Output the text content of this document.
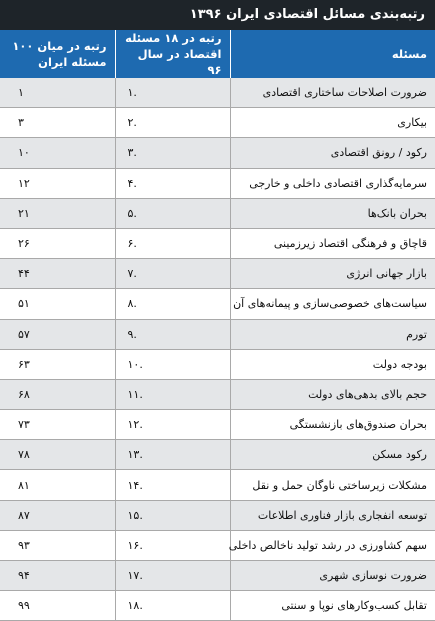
رتبه‌بندی مسائل اقتصادی ایران ۱۳۹۶
مسئله	رتبه در ۱۸ مسئله اقتصاد در سال ۹۶	رتبه در میان ۱۰۰ مسئله ایران
ضرورت اصلاحات ساختاری اقتصادی	.۱	۱
بیکاری	.۲	۳
رکود / رونق اقتصادی	.۳	۱۰
سرمایه‌گذاری اقتصادی داخلی و خارجی	.۴	۱۲
بحران بانک‌ها	.۵	۲۱
قاچاق و فرهنگی اقتصاد زیرزمینی	.۶	۲۶
بازار جهانی انرژی	.۷	۴۴
سیاست‌های خصوصی‌سازی و پیمانه‌های آن	.۸	۵۱
تورم	.۹	۵۷
بودجه دولت	.۱۰	۶۳
حجم بالای بدهی‌های دولت	.۱۱	۶۸
بحران صندوق‌های بازنشستگی	.۱۲	۷۳
رکود مسکن	.۱۳	۷۸
مشکلات زیرساختی ناوگان حمل و نقل	.۱۴	۸۱
توسعه انفجاری بازار فناوری اطلاعات	.۱۵	۸۷
سهم کشاورزی در رشد تولید ناخالص داخلی	.۱۶	۹۳
ضرورت نوسازی شهری	.۱۷	۹۴
تقابل کسب‌وکارهای نوپا و سنتی	.۱۸	۹۹
